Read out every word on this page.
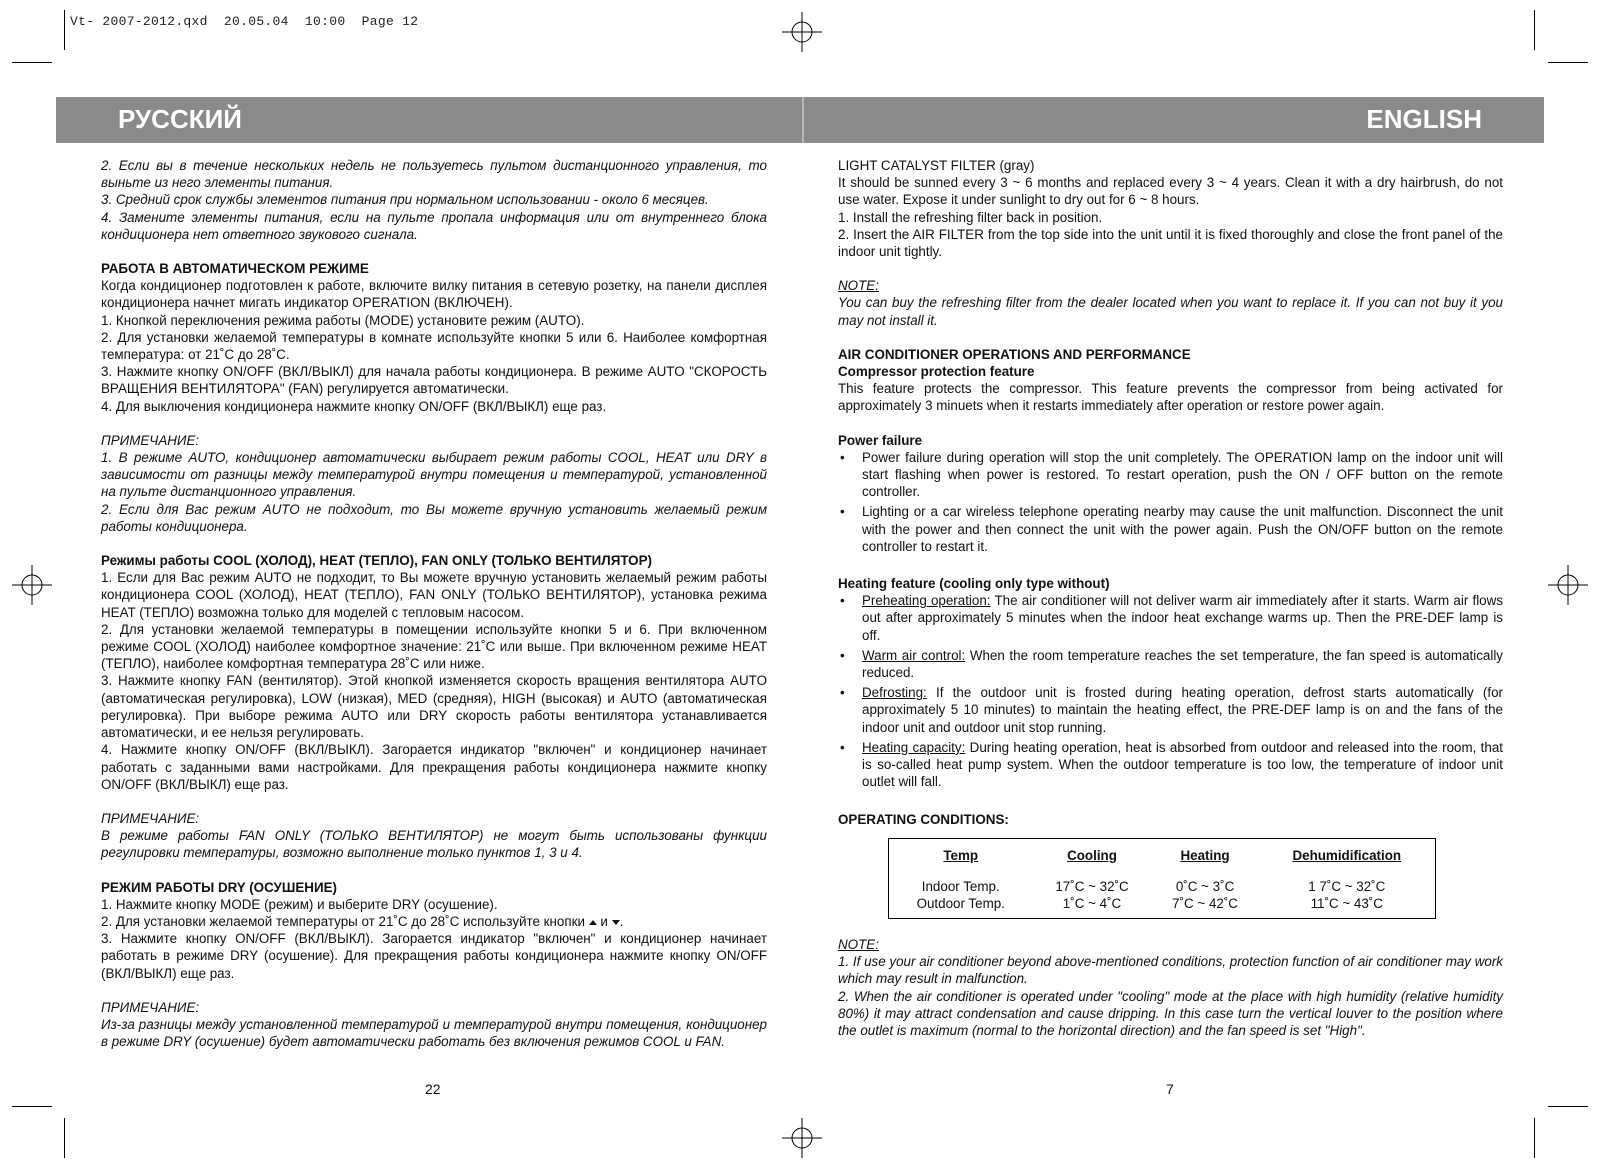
Vt- 2007-2012.qxd  20.05.04  10:00  Page 12
РУССКИЙ	ENGLISH

2. Если вы в течение нескольких недель не пользуетесь пультом дистанционного управления, то выньте из него элементы питания.

3. Средний срок службы элементов питания при нормальном использовании - около 6 месяцев.

4. Замените элементы питания, если на пульте пропала информация или от внутреннего блока кондиционера нет ответного звукового сигнала.

РАБОТА В АВТОМАТИЧЕСКОМ РЕЖИМЕ

Когда кондиционер подготовлен к работе, включите вилку питания в сетевую розетку, на панели дисплея кондиционера начнет мигать индикатор OPERATION (ВКЛЮЧЕН).

1. Кнопкой переключения режима работы (MODE) установите режим (AUTO).

2. Для установки желаемой температуры в комнате используйте кнопки 5 или 6. Наиболее комфортная температура: от 21˚С до 28˚С.

3. Нажмите кнопку ON/OFF (ВКЛ/ВЫКЛ) для начала работы кондиционера. В режиме AUTO "СКОРОСТЬ ВРАЩЕНИЯ ВЕНТИЛЯТОРА" (FAN) регулируется автоматически.

4. Для выключения кондиционера нажмите кнопку ON/OFF (ВКЛ/ВЫКЛ) еще раз.

ПРИМЕЧАНИЕ:

1. В режиме AUTO, кондиционер автоматически выбирает режим работы COOL, HEAT или DRY в зависимости от разницы между температурой внутри помещения и температурой, установленной на пульте дистанционного управления.

2. Если для Вас режим AUTO не подходит, то Вы можете вручную установить желаемый режим работы кондиционера.

Режимы работы COOL (ХОЛОД), HEAT (ТЕПЛО), FAN ONLY (ТОЛЬКО ВЕНТИЛЯТОР)

1. Если для Вас режим AUTO не подходит, то Вы можете вручную установить желаемый режим работы кондиционера COOL (ХОЛОД), HEAT (ТЕПЛО), FAN ONLY (ТОЛЬКО ВЕНТИЛЯТОР), установка режима HEAT (ТЕПЛО) возможна только для моделей с тепловым насосом.

2. Для установки желаемой температуры в помещении используйте кнопки 5 и 6. При включенном режиме COOL (ХОЛОД) наиболее комфортное значение: 21˚С или выше. При включенном режиме HEAT (ТЕПЛО), наиболее комфортная температура 28˚С или ниже.

3. Нажмите кнопку FAN (вентилятор). Этой кнопкой изменяется скорость вращения вентилятора AUTO (автоматическая регулировка), LOW (низкая), MED (средняя), HIGH (высокая) и AUTO (автоматическая регулировка). При выборе режима AUTO или DRY скорость работы вентилятора устанавливается автоматически, и ее нельзя регулировать.

4. Нажмите кнопку ON/OFF (ВКЛ/ВЫКЛ). Загорается индикатор "включен" и кондиционер начинает работать с заданными вами настройками. Для прекращения работы кондиционера нажмите кнопку ON/OFF (ВКЛ/ВЫКЛ) еще раз.

ПРИМЕЧАНИЕ:

В режиме работы FAN ONLY (ТОЛЬКО ВЕНТИЛЯТОР) не могут быть использованы функции регулировки температуры, возможно выполнение только пунктов 1, 3 и 4.

РЕЖИМ РАБОТЫ DRY (ОСУШЕНИЕ)

1. Нажмите кнопку MODE (режим) и выберите DRY (осушение).

2. Для установки желаемой температуры от 21˚С до 28˚С используйте кнопки и .

3. Нажмите кнопку ON/OFF (ВКЛ/ВЫКЛ). Загорается индикатор "включен" и кондиционер начинает работать в режиме DRY (осушение). Для прекращения работы кондиционера нажмите кнопку ON/OFF (ВКЛ/ВЫКЛ) еще раз.

ПРИМЕЧАНИЕ:

Из-за разницы между установленной температурой и температурой внутри помещения, кондиционер в режиме DRY (осушение) будет автоматически работать без включения режимов COOL и FAN.

LIGHT CATALYST FILTER (gray)

It should be sunned every 3 ~ 6 months and replaced every 3 ~ 4 years. Clean it with a dry hairbrush, do not use water. Expose it under sunlight to dry out for 6 ~ 8 hours.

1. Install the refreshing filter back in position.

2. Insert the AIR FILTER from the top side into the unit until it is fixed thoroughly and close the front panel of the indoor unit tightly.

NOTE:

You can buy the refreshing filter from the dealer located when you want to replace it. If you can not buy it you may not install it.

AIR CONDITIONER OPERATIONS AND PERFORMANCE

Compressor protection feature

This feature protects the compressor. This feature prevents the compressor from being activated for approximately 3 minuets when it restarts immediately after operation or restore power again.

Power failure

• Power failure during operation will stop the unit completely. The OPERATION lamp on the indoor unit will start flashing when power is restored. To restart operation, push the ON / OFF button on the remote controller.
• Lighting or a car wireless telephone operating nearby may cause the unit malfunction. Disconnect the unit with the power and then connect the unit with the power again. Push the ON/OFF button on the remote controller to restart it.

Heating feature (cooling only type without)

• Preheating operation: The air conditioner will not deliver warm air immediately after it starts. Warm air flows out after approximately 5 minutes when the indoor heat exchange warms up. Then the PRE-DEF lamp is off.
• Warm air control: When the room temperature reaches the set temperature, the fan speed is automatically reduced.
• Defrosting: If the outdoor unit is frosted during heating operation, defrost starts automatically (for approximately 5 10 minutes) to maintain the heating effect, the PRE-DEF lamp is on and the fans of the indoor unit and outdoor unit stop running.
• Heating capacity: During heating operation, heat is absorbed from outdoor and released into the room, that is so-called heat pump system. When the outdoor temperature is too low, the temperature of indoor unit outlet will fall.

OPERATING CONDITIONS:

Temp	Cooling	Heating	Dehumidification
Indoor Temp.	17˚C ~ 32˚C	0˚C ~ 3˚C	1 7˚C ~ 32˚C
Outdoor Temp.	1˚C ~ 4˚C	7˚C ~ 42˚C	11˚C ~ 43˚C

NOTE:

1. If use your air conditioner beyond above-mentioned conditions, protection function of air conditioner may work which may result in malfunction.

2. When the air conditioner is operated under "cooling" mode at the place with high humidity (relative humidity 80%) it may attract condensation and cause dripping. In this case turn the vertical louver to the position where the outlet is maximum (normal to the horizontal direction) and the fan speed is set "High".

22	7
